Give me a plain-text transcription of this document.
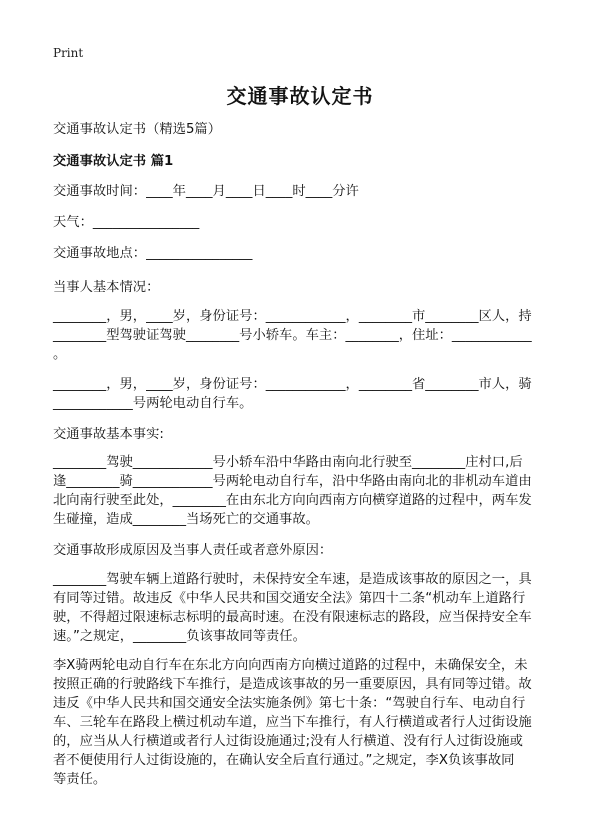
Print
交通事故认定书
交通事故认定书（精选5篇）
交通事故认定书 篇1
交通事故时间：____年____月____日____时____分许
天气：________________
交通事故地点：________________
当事人基本情况：
________，男，____岁，身份证号：____________，________市________区人，持
________型驾驶证驾驶________号小轿车。车主：________，住址：____________
。
________，男，____岁，身份证号：____________，________省________市人，骑
____________号两轮电动自行车。
交通事故基本事实:
________驾驶____________号小轿车沿中华路由南向北行驶至________庄村口,后
逢________骑____________号两轮电动自行车，沿中华路由南向北的非机动车道由
北向南行驶至此处，________在由东北方向向西南方向横穿道路的过程中，两车发
生碰撞，造成________当场死亡的交通事故。
交通事故形成原因及当事人责任或者意外原因：
________驾驶车辆上道路行驶时，未保持安全车速，是造成该事故的原因之一，具
有同等过错。故违反《中华人民共和国交通安全法》第四十二条“机动车上道路行
驶，不得超过限速标志标明的最高时速。在没有限速标志的路段，应当保持安全车
速。”之规定，________负该事故同等责任。
李X骑两轮电动自行车在东北方向向西南方向横过道路的过程中，未确保安全，未
按照正确的行驶路线下车推行，是造成该事故的另一重要原因，具有同等过错。故
违反《中华人民共和国交通安全法实施条例》第七十条：“驾驶自行车、电动自行
车、三轮车在路段上横过机动车道，应当下车推行，有人行横道或者行人过街设施
的，应当从人行横道或者行人过街设施通过;没有人行横道、没有行人过街设施或
者不便使用行人过街设施的，在确认安全后直行通过。”之规定，李X负该事故同
等责任。
